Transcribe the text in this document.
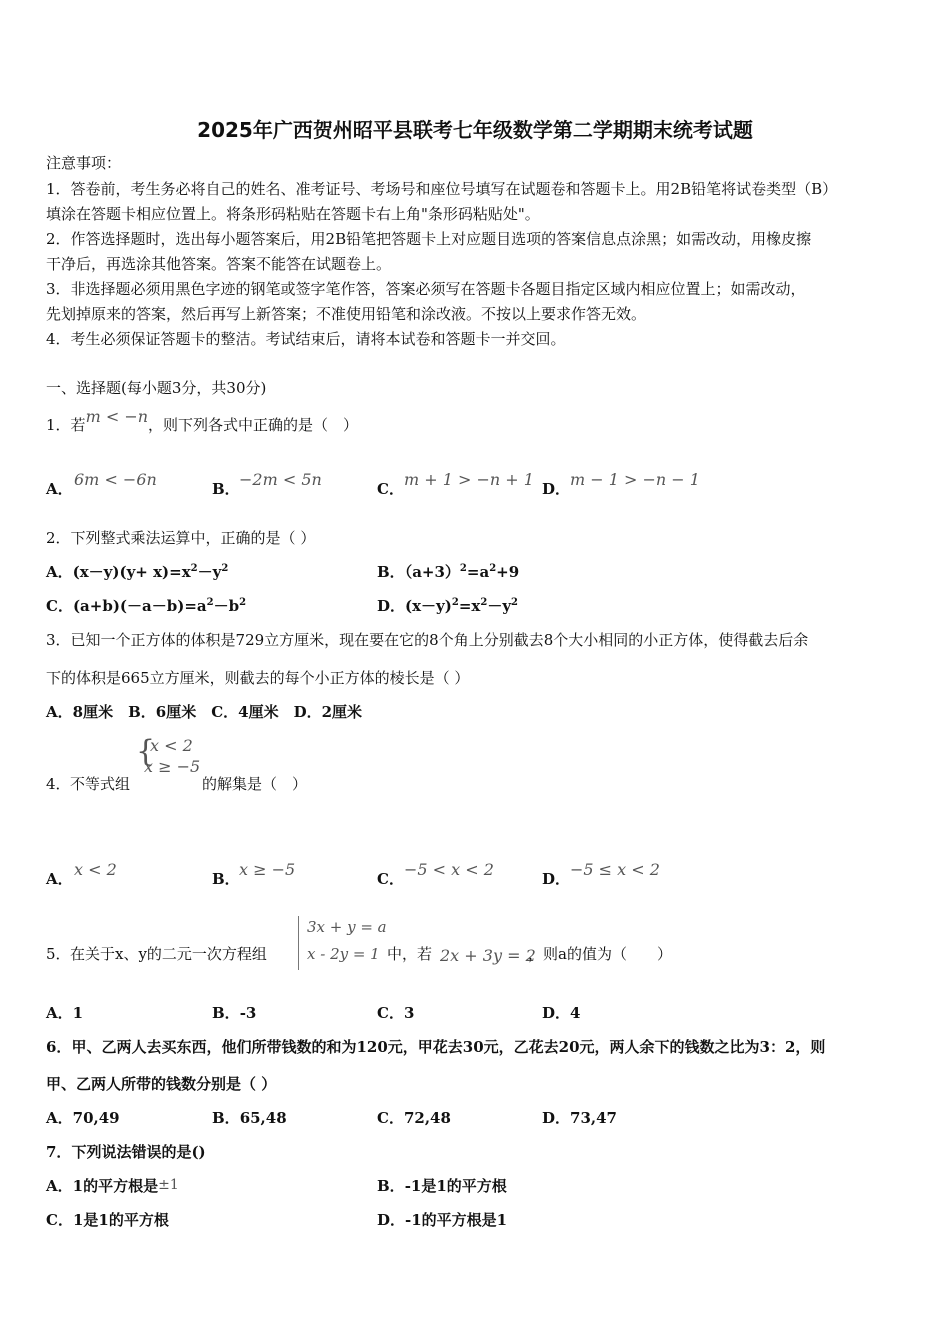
2025年广西贺州昭平县联考七年级数学第二学期期末统考试题
注意事项：
1．答卷前，考生务必将自己的姓名、准考证号、考场号和座位号填写在试题卷和答题卡上。用2B铅笔将试卷类型（B）
填涂在答题卡相应位置上。将条形码粘贴在答题卡右上角"条形码粘贴处"。
2．作答选择题时，选出每小题答案后，用2B铅笔把答题卡上对应题目选项的答案信息点涂黑；如需改动，用橡皮擦
干净后，再选涂其他答案。答案不能答在试题卷上。
3．非选择题必须用黑色字迹的钢笔或签字笔作答，答案必须写在答题卡各题目指定区域内相应位置上；如需改动，
先划掉原来的答案，然后再写上新答案；不准使用铅笔和涂改液。不按以上要求作答无效。
4．考生必须保证答题卡的整洁。考试结束后，请将本试卷和答题卡一并交回。
一、选择题(每小题3分，共30分)
1．若m < −n，则下列各式中正确的是（　）
A． 6m < −6n	B． −2m < 5n	C． m + 1 > −n + 1 D． m − 1 > −n − 1
2．下列整式乘法运算中，正确的是（ ）
A．$(x-y)(y+ x)=x^2-y^2$	B．$(a+3)^2=a^2+9$
C．$(a+b)(-a-b)=a^2-b^2$	D．$(x-y)^2=x^2-y^2$
3．已知一个正方体的体积是729立方厘米，现在要在它的8个角上分别截去8个大小相同的小正方体，使得截去后余
下的体积是665立方厘米，则截去的每个小正方体的棱长是（ ）
A．8厘米　B．6厘米　C．4厘米　D．2厘米
4． 不等式组
{
x < 2
x ≥ −5
的解集是（　）
A． x < 2	B． x ≥ −5	C． −5 < x < 2	D． −5 ≤ x < 2
5． 在关于x、y的二元一次方程组
3x + y = a
x - 2y = 1 中，若 2x + 3y = 2
，则a的值为（　　）
A．1	B．-3	C．3	D．4
6．甲、乙两人去买东西，他们所带钱数的和为120元，甲花去30元，乙花去20元，两人余下的钱数之比为3：2，则
甲、乙两人所带的钱数分别是（ ）
A．70,49	B．65,48	C．72,48	D．73,47
7．下列说法错误的是()
A．1的平方根是±1	B．-1是1的平方根
C．1是1的平方根	D．-1的平方根是1
